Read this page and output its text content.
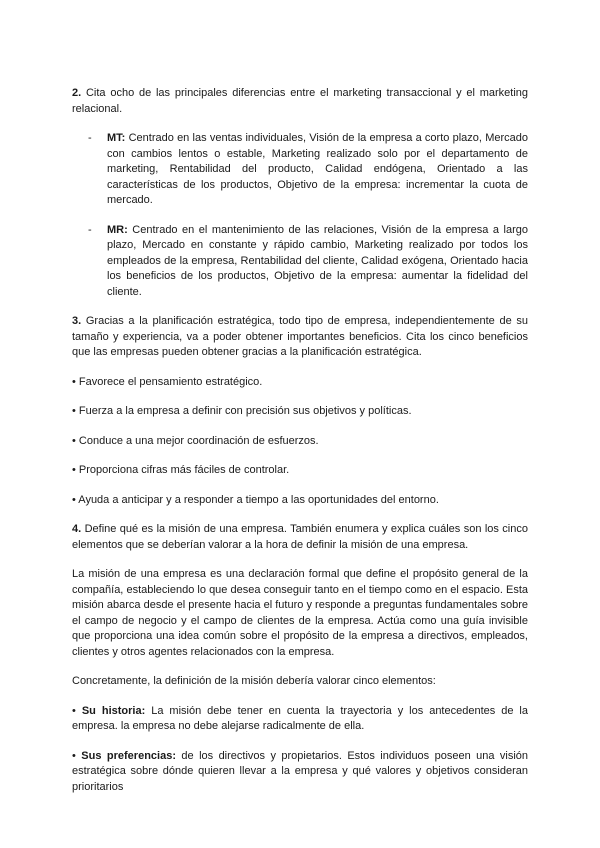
2. Cita ocho de las principales diferencias entre el marketing transaccional y el marketing relacional.

- MT: Centrado en las ventas individuales, Visión de la empresa a corto plazo, Mercado con cambios lentos o estable, Marketing realizado solo por el departamento de marketing, Rentabilidad del producto, Calidad endógena, Orientado a las características de los productos, Objetivo de la empresa: incrementar la cuota de mercado.
- MR: Centrado en el mantenimiento de las relaciones, Visión de la empresa a largo plazo, Mercado en constante y rápido cambio, Marketing realizado por todos los empleados de la empresa, Rentabilidad del cliente, Calidad exógena, Orientado hacia los beneficios de los productos, Objetivo de la empresa: aumentar la fidelidad del cliente.

3. Gracias a la planificación estratégica, todo tipo de empresa, independientemente de su tamaño y experiencia, va a poder obtener importantes beneficios. Cita los cinco beneficios que las empresas pueden obtener gracias a la planificación estratégica.

• Favorece el pensamiento estratégico.

• Fuerza a la empresa a definir con precisión sus objetivos y políticas.

• Conduce a una mejor coordinación de esfuerzos.

• Proporciona cifras más fáciles de controlar.

• Ayuda a anticipar y a responder a tiempo a las oportunidades del entorno.

4. Define qué es la misión de una empresa. También enumera y explica cuáles son los cinco elementos que se deberían valorar a la hora de definir la misión de una empresa.

La misión de una empresa es una declaración formal que define el propósito general de la compañía, estableciendo lo que desea conseguir tanto en el tiempo como en el espacio. Esta misión abarca desde el presente hacia el futuro y responde a preguntas fundamentales sobre el campo de negocio y el campo de clientes de la empresa. Actúa como una guía invisible que proporciona una idea común sobre el propósito de la empresa a directivos, empleados, clientes y otros agentes relacionados con la empresa.

Concretamente, la definición de la misión debería valorar cinco elementos:

• Su historia: La misión debe tener en cuenta la trayectoria y los antecedentes de la empresa. la empresa no debe alejarse radicalmente de ella.

• Sus preferencias: de los directivos y propietarios. Estos individuos poseen una visión estratégica sobre dónde quieren llevar a la empresa y qué valores y objetivos consideran prioritarios
